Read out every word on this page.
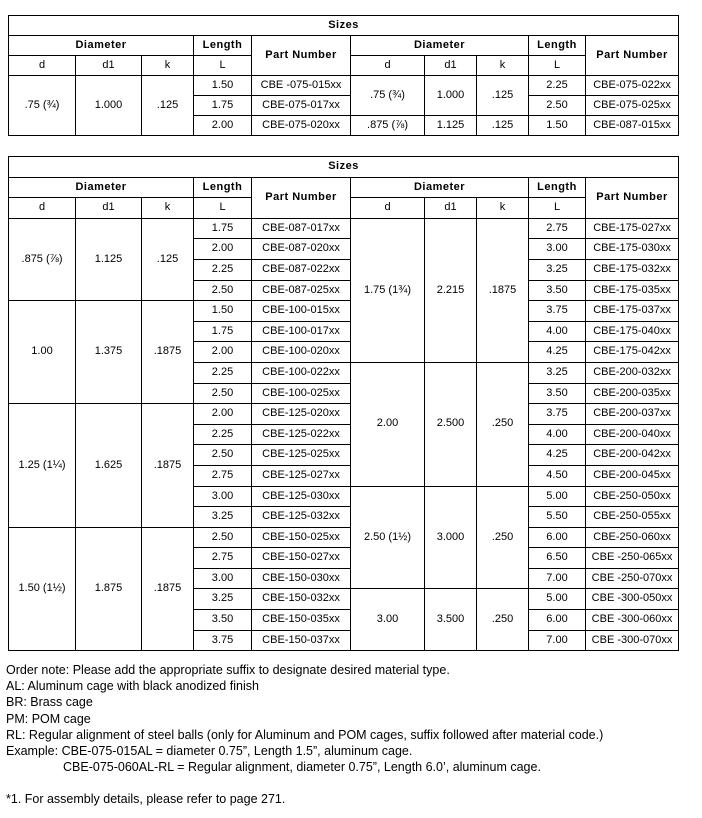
Sizes									
Diameter			Length	Part Number	Diameter			Length	Part Number
d	d1	k	L		d	d1	k	L	
.75 (¾)	1.000	.125	1.50	CBE -075-015xx	.75 (¾)	1.000	.125	2.25	CBE-075-022xx
			1.75	CBE-075-017xx				2.50	CBE-075-025xx
			2.00	CBE-075-020xx	.875 (⅞)	1.125	.125	1.50	CBE-087-015xx
Sizes									
Diameter			Length	Part Number	Diameter			Length	Part Number
d	d1	k	L		d	d1	k	L	
.875 (⅞)	1.125	.125	1.75	CBE-087-017xx	1.75 (1¾)	2.215	.1875	2.75	CBE-175-027xx
			2.00	CBE-087-020xx				3.00	CBE-175-030xx
			2.25	CBE-087-022xx				3.25	CBE-175-032xx
			2.50	CBE-087-025xx				3.50	CBE-175-035xx
1.00	1.375	.1875	1.50	CBE-100-015xx				3.75	CBE-175-037xx
			1.75	CBE-100-017xx				4.00	CBE-175-040xx
			2.00	CBE-100-020xx				4.25	CBE-175-042xx
			2.25	CBE-100-022xx	2.00	2.500	.250	3.25	CBE-200-032xx
			2.50	CBE-100-025xx				3.50	CBE-200-035xx
1.25 (1¼)	1.625	.1875	2.00	CBE-125-020xx				3.75	CBE-200-037xx
			2.25	CBE-125-022xx				4.00	CBE-200-040xx
			2.50	CBE-125-025xx				4.25	CBE-200-042xx
			2.75	CBE-125-027xx				4.50	CBE-200-045xx
			3.00	CBE-125-030xx	2.50 (1½)	3.000	.250	5.00	CBE-250-050xx
			3.25	CBE-125-032xx				5.50	CBE-250-055xx
1.50 (1½)	1.875	.1875	2.50	CBE-150-025xx				6.00	CBE-250-060xx
			2.75	CBE-150-027xx				6.50	CBE -250-065xx
			3.00	CBE-150-030xx				7.00	CBE -250-070xx
			3.25	CBE-150-032xx	3.00	3.500	.250	5.00	CBE -300-050xx
			3.50	CBE-150-035xx				6.00	CBE -300-060xx
			3.75	CBE-150-037xx				7.00	CBE -300-070xx
Order note: Please add the appropriate suffix to designate desired material type.
AL: Aluminum cage with black anodized finish
BR: Brass cage
PM: POM cage
RL: Regular alignment of steel balls (only for Aluminum and POM cages, suffix followed after material code.)
Example: CBE-075-015AL = diameter 0.75”, Length 1.5”, aluminum cage.
CBE-075-060AL-RL = Regular alignment, diameter 0.75”, Length 6.0’, aluminum cage.
*1. For assembly details, please refer to page 271.
